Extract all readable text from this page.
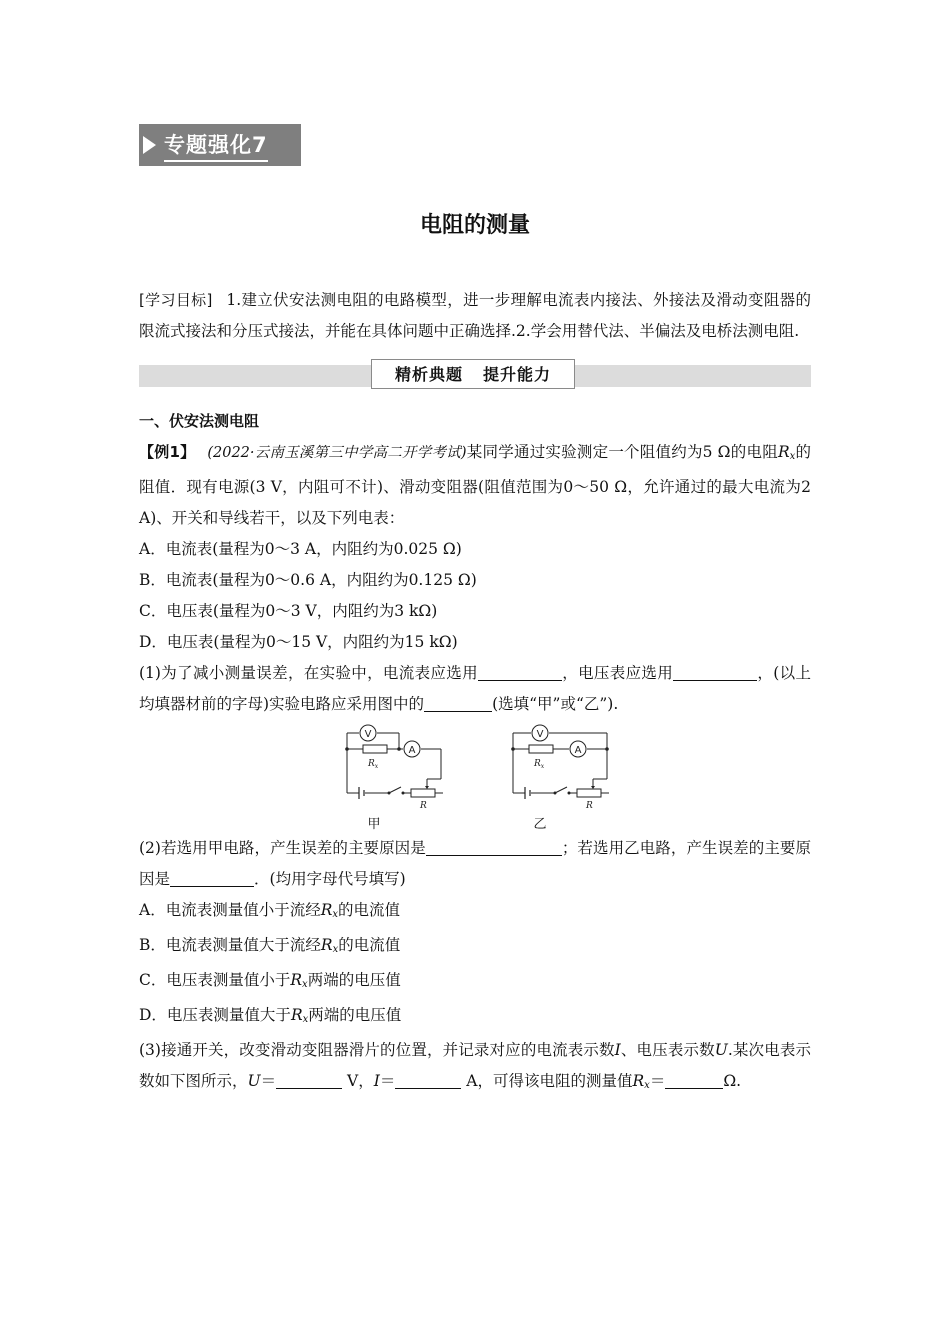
专题强化7
电阻的测量
[学习目标] 1.建立伏安法测电阻的电路模型，进一步理解电流表内接法、外接法及滑动变阻器的限流式接法和分压式接法，并能在具体问题中正确选择.2.学会用替代法、半偏法及电桥法测电阻.
精析典题 提升能力
一、伏安法测电阻
【例1】 (2022·云南玉溪第三中学高二开学考试)某同学通过实验测定一个阻值约为5 Ω的电阻$R_x$的阻值．现有电源(3 V，内阻可不计)、滑动变阻器(阻值范围为0～50 Ω，允许通过的最大电流为2 A)、开关和导线若干，以及下列电表：
A．电流表(量程为0～3 A，内阻约为0.025 Ω)
B．电流表(量程为0～0.6 A，内阻约为0.125 Ω)
C．电压表(量程为0～3 V，内阻约为3 kΩ)
D．电压表(量程为0～15 V，内阻约为15 kΩ)
(1)为了减小测量误差，在实验中，电流表应选用	，电压表应选用	，(以上均填器材前的字母)实验电路应采用图中的	(选填“甲”或“乙”).
V
$R_x$
A
R
甲
V
$R_x$
A
R
乙
(2)若选用甲电路，产生误差的主要原因是	；若选用乙电路，产生误差的主要原因是	．(均用字母代号填写)
A．电流表测量值小于流经$R_x$的电流值
B．电流表测量值大于流经$R_x$的电流值
C．电压表测量值小于$R_x$两端的电压值
D．电压表测量值大于$R_x$两端的电压值
(3)接通开关，改变滑动变阻器滑片的位置，并记录对应的电流表示数I、电压表示数U.某次电表示数如下图所示，U＝	V，I＝	A，可得该电阻的测量值$R_x=$	Ω.
